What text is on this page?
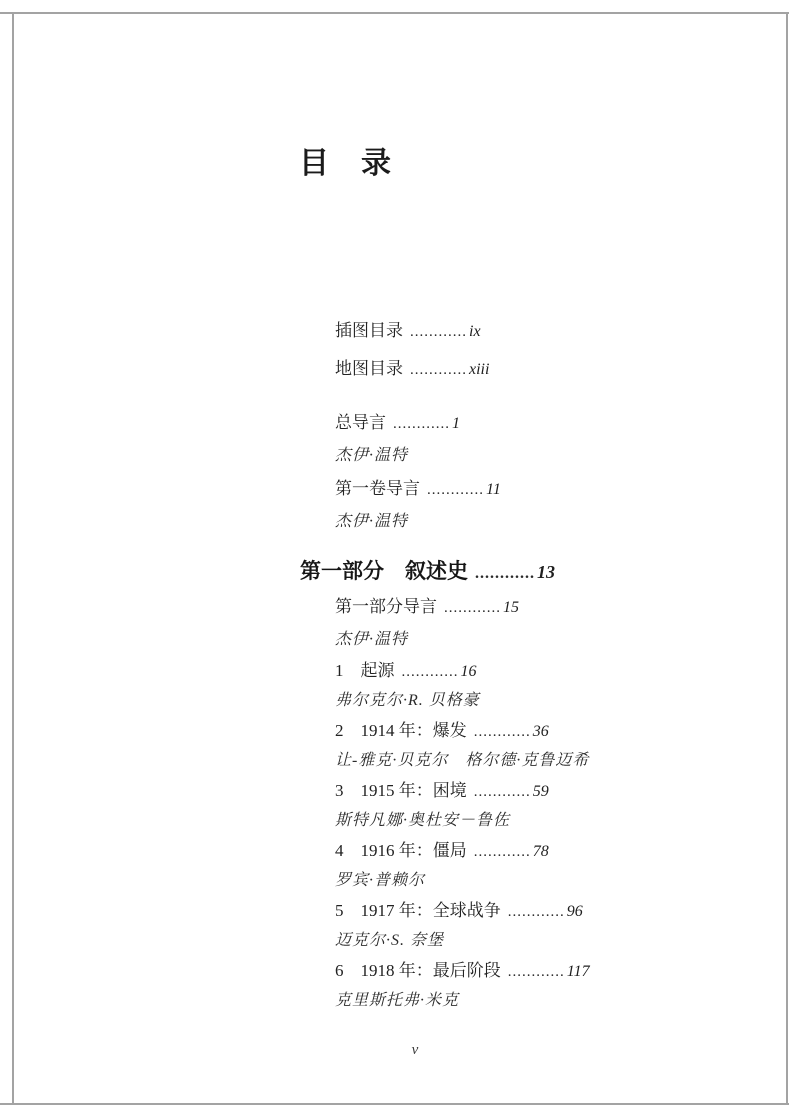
目　录
插图目录 ............ ix
地图目录 ............ xiii
总导言 ............ 1
杰伊·温特
第一卷导言 ............ 11
杰伊·温特
第一部分　叙述史 ............ 13
第一部分导言 ............ 15
杰伊·温特
1　起源 ............ 16
弗尔克尔·R. 贝格豪
2　1914 年：爆发 ............ 36
让-雅克·贝克尔　格尔德·克鲁迈希
3　1915 年：困境 ............ 59
斯特凡娜·奥杜安－鲁佐
4　1916 年：僵局 ............ 78
罗宾·普赖尔
5　1917 年：全球战争 ............ 96
迈克尔·S. 奈堡
6　1918 年：最后阶段 ............ 117
克里斯托弗·米克
v
